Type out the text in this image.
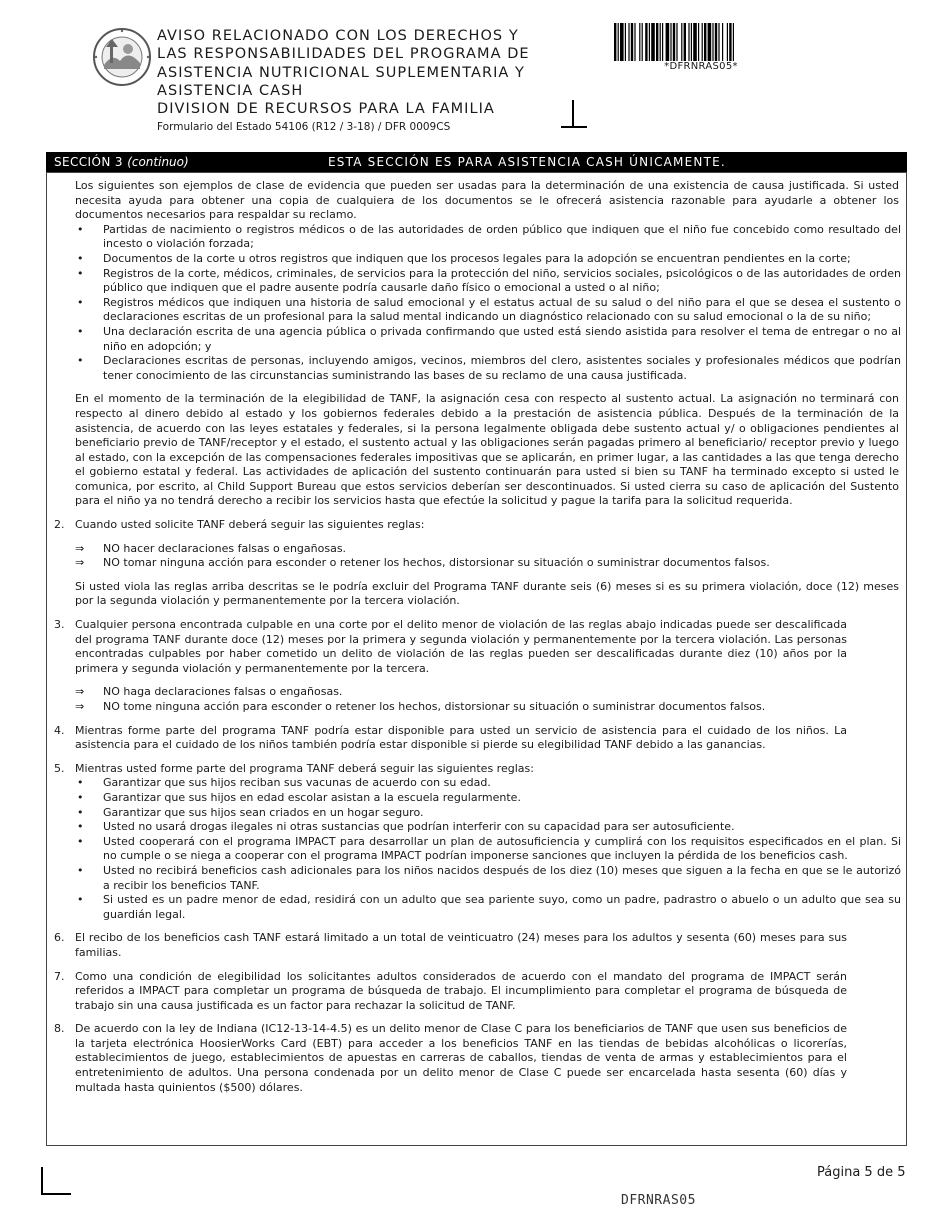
AVISO RELACIONADO CON LOS DERECHOS Y
LAS RESPONSABILIDADES DEL PROGRAMA DE
ASISTENCIA NUTRICIONAL SUPLEMENTARIA Y
ASISTENCIA CASH
DIVISION DE RECURSOS PARA LA FAMILIA
Formulario del Estado 54106 (R12 / 3-18) / DFR 0009CS
*DFRNRAS05*
SECCIÓN 3 (continuo)	ESTA SECCIÓN ES PARA ASISTENCIA CASH ÚNICAMENTE.
Los siguientes son ejemplos de clase de evidencia que pueden ser usadas para la determinación de una existencia de causa justificada. Si usted necesita ayuda para obtener una copia de cualquiera de los documentos se le ofrecerá asistencia razonable para ayudarle a obtener los documentos necesarios para respaldar su reclamo.
• Partidas de nacimiento o registros médicos o de las autoridades de orden público que indiquen que el niño fue concebido como resultado del incesto o violación forzada;
• Documentos de la corte u otros registros que indiquen que los procesos legales para la adopción se encuentran pendientes en la corte;
• Registros de la corte, médicos, criminales, de servicios para la protección del niño, servicios sociales, psicológicos o de las autoridades de orden público que indiquen que el padre ausente podría causarle daño físico o emocional a usted o al niño;
• Registros médicos que indiquen una historia de salud emocional y el estatus actual de su salud o del niño para el que se desea el sustento o declaraciones escritas de un profesional para la salud mental indicando un diagnóstico relacionado con su salud emocional o la de su niño;
• Una declaración escrita de una agencia pública o privada confirmando que usted está siendo asistida para resolver el tema de entregar o no al niño en adopción; y
• Declaraciones escritas de personas, incluyendo amigos, vecinos, miembros del clero, asistentes sociales y profesionales médicos que podrían tener conocimiento de las circunstancias suministrando las bases de su reclamo de una causa justificada.
En el momento de la terminación de la elegibilidad de TANF, la asignación cesa con respecto al sustento actual. La asignación no terminará con respecto al dinero debido al estado y los gobiernos federales debido a la prestación de asistencia pública. Después de la terminación de la asistencia, de acuerdo con las leyes estatales y federales, si la persona legalmente obligada debe sustento actual y/ o obligaciones pendientes al beneficiario previo de TANF/receptor y el estado, el sustento actual y las obligaciones serán pagadas primero al beneficiario/ receptor previo y luego al estado, con la excepción de las compensaciones federales impositivas que se aplicarán, en primer lugar, a las cantidades a las que tenga derecho el gobierno estatal y federal. Las actividades de aplicación del sustento continuarán para usted si bien su TANF ha terminado excepto si usted le comunica, por escrito, al Child Support Bureau que estos servicios deberían ser descontinuados. Si usted cierra su caso de aplicación del Sustento para el niño ya no tendrá derecho a recibir los servicios hasta que efectúe la solicitud y pague la tarifa para la solicitud requerida.
2. Cuando usted solicite TANF deberá seguir las siguientes reglas:
⇒ NO hacer declaraciones falsas o engañosas.
⇒ NO tomar ninguna acción para esconder o retener los hechos, distorsionar su situación o suministrar documentos falsos.
Si usted viola las reglas arriba descritas se le podría excluir del Programa TANF durante seis (6) meses si es su primera violación, doce (12) meses por la segunda violación y permanentemente por la tercera violación.
3. Cualquier persona encontrada culpable en una corte por el delito menor de violación de las reglas abajo indicadas puede ser descalificada del programa TANF durante doce (12) meses por la primera y segunda violación y permanentemente por la tercera violación. Las personas encontradas culpables por haber cometido un delito de violación de las reglas pueden ser descalificadas durante diez (10) años por la primera y segunda violación y permanentemente por la tercera.
⇒ NO haga declaraciones falsas o engañosas.
⇒ NO tome ninguna acción para esconder o retener los hechos, distorsionar su situación o suministrar documentos falsos.
4. Mientras forme parte del programa TANF podría estar disponible para usted un servicio de asistencia para el cuidado de los niños. La asistencia para el cuidado de los niños también podría estar disponible si pierde su elegibilidad TANF debido a las ganancias.
5. Mientras usted forme parte del programa TANF deberá seguir las siguientes reglas:
• Garantizar que sus hijos reciban sus vacunas de acuerdo con su edad.
• Garantizar que sus hijos en edad escolar asistan a la escuela regularmente.
• Garantizar que sus hijos sean criados en un hogar seguro.
• Usted no usará drogas ilegales ni otras sustancias que podrían interferir con su capacidad para ser autosuficiente.
• Usted cooperará con el programa IMPACT para desarrollar un plan de autosuficiencia y cumplirá con los requisitos especificados en el plan. Si no cumple o se niega a cooperar con el programa IMPACT podrían imponerse sanciones que incluyen la pérdida de los beneficios cash.
• Usted no recibirá beneficios cash adicionales para los niños nacidos después de los diez (10) meses que siguen a la fecha en que se le autorizó a recibir los beneficios TANF.
• Si usted es un padre menor de edad, residirá con un adulto que sea pariente suyo, como un padre, padrastro o abuelo o un adulto que sea su guardián legal.
6. El recibo de los beneficios cash TANF estará limitado a un total de veinticuatro (24) meses para los adultos y sesenta (60) meses para sus familias.
7. Como una condición de elegibilidad los solicitantes adultos considerados de acuerdo con el mandato del programa de IMPACT serán referidos a IMPACT para completar un programa de búsqueda de trabajo. El incumplimiento para completar el programa de búsqueda de trabajo sin una causa justificada es un factor para rechazar la solicitud de TANF.
8. De acuerdo con la ley de Indiana (IC12-13-14-4.5) es un delito menor de Clase C para los beneficiarios de TANF que usen sus beneficios de la tarjeta electrónica HoosierWorks Card (EBT) para acceder a los beneficios TANF en las tiendas de bebidas alcohólicas o licorerías, establecimientos de juego, establecimientos de apuestas en carreras de caballos, tiendas de venta de armas y establecimientos para el entretenimiento de adultos. Una persona condenada por un delito menor de Clase C puede ser encarcelada hasta sesenta (60) días y multada hasta quinientos ($500) dólares.
Página 5 de 5
DFRNRAS05
